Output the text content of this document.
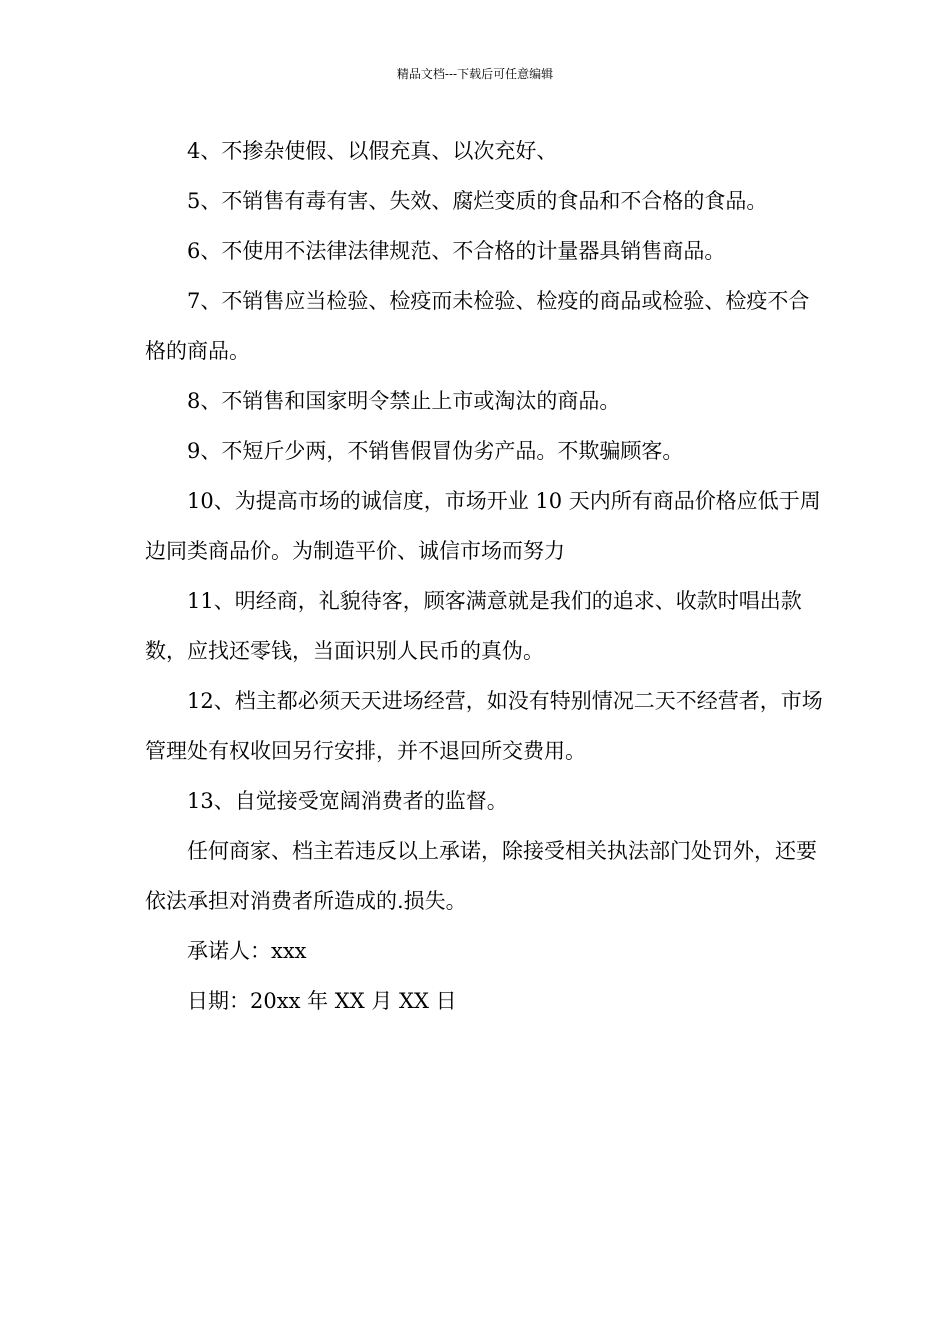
精品文档---下载后可任意编辑

4、不掺杂使假、以假充真、以次充好、

5、不销售有毒有害、失效、腐烂变质的食品和不合格的食品。

6、不使用不法律法律规范、不合格的计量器具销售商品。

7、不销售应当检验、检疫而未检验、检疫的商品或检验、检疫不合格的商品。

8、不销售和国家明令禁止上市或淘汰的商品。

9、不短斤少两，不销售假冒伪劣产品。不欺骗顾客。

10、为提高市场的诚信度，市场开业 10 天内所有商品价格应低于周边同类商品价。为制造平价、诚信市场而努力

11、明经商，礼貌待客，顾客满意就是我们的追求、收款时唱出款数，应找还零钱，当面识别人民币的真伪。

12、档主都必须天天进场经营，如没有特别情况二天不经营者，市场管理处有权收回另行安排，并不退回所交费用。

13、自觉接受宽阔消费者的监督。

任何商家、档主若违反以上承诺，除接受相关执法部门处罚外，还要依法承担对消费者所造成的.损失。

承诺人：xxx

日期：20xx 年 XX 月 XX 日
